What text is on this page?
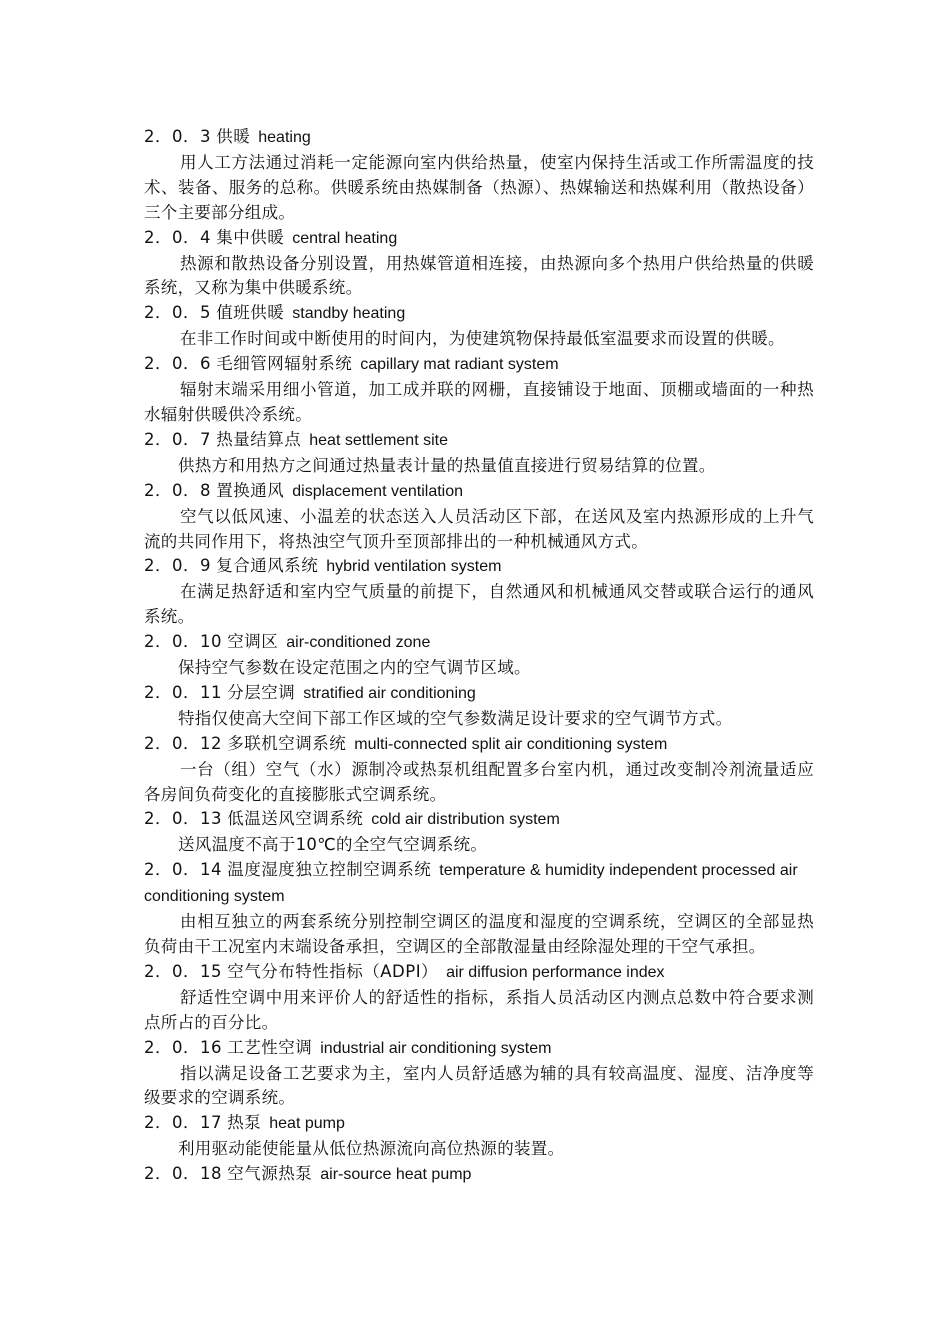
2．0．3 供暖 heating
用人工方法通过消耗一定能源向室内供给热量，使室内保持生活或工作所需温度的技术、装备、服务的总称。供暖系统由热媒制备（热源）、热媒输送和热媒利用（散热设备）三个主要部分组成。
2．0．4 集中供暖 central heating
热源和散热设备分别设置，用热媒管道相连接，由热源向多个热用户供给热量的供暖系统，又称为集中供暖系统。
2．0．5 值班供暖 standby heating
在非工作时间或中断使用的时间内，为使建筑物保持最低室温要求而设置的供暖。
2．0．6 毛细管网辐射系统 capillary mat radiant system
辐射末端采用细小管道，加工成并联的网栅，直接铺设于地面、顶棚或墙面的一种热水辐射供暖供冷系统。
2．0．7 热量结算点 heat settlement site
供热方和用热方之间通过热量表计量的热量值直接进行贸易结算的位置。
2．0．8 置换通风 displacement ventilation
空气以低风速、小温差的状态送入人员活动区下部，在送风及室内热源形成的上升气流的共同作用下，将热浊空气顶升至顶部排出的一种机械通风方式。
2．0．9 复合通风系统 hybrid ventilation system
在满足热舒适和室内空气质量的前提下，自然通风和机械通风交替或联合运行的通风系统。
2．0．10 空调区 air-conditioned zone
保持空气参数在设定范围之内的空气调节区域。
2．0．11 分层空调 stratified air conditioning
特指仅使高大空间下部工作区域的空气参数满足设计要求的空气调节方式。
2．0．12 多联机空调系统 multi-connected split air conditioning system
一台（组）空气（水）源制冷或热泵机组配置多台室内机，通过改变制冷剂流量适应各房间负荷变化的直接膨胀式空调系统。
2．0．13 低温送风空调系统 cold air distribution system
送风温度不高于10℃的全空气空调系统。
2．0．14 温度湿度独立控制空调系统 temperature & humidity independent processed air conditioning system
由相互独立的两套系统分别控制空调区的温度和湿度的空调系统，空调区的全部显热负荷由干工况室内末端设备承担，空调区的全部散湿量由经除湿处理的干空气承担。
2．0．15 空气分布特性指标（ADPI） air diffusion performance index
舒适性空调中用来评价人的舒适性的指标，系指人员活动区内测点总数中符合要求测点所占的百分比。
2．0．16 工艺性空调 industrial air conditioning system
指以满足设备工艺要求为主，室内人员舒适感为辅的具有较高温度、湿度、洁净度等级要求的空调系统。
2．0．17 热泵 heat pump
利用驱动能使能量从低位热源流向高位热源的装置。
2．0．18 空气源热泵 air-source heat pump
